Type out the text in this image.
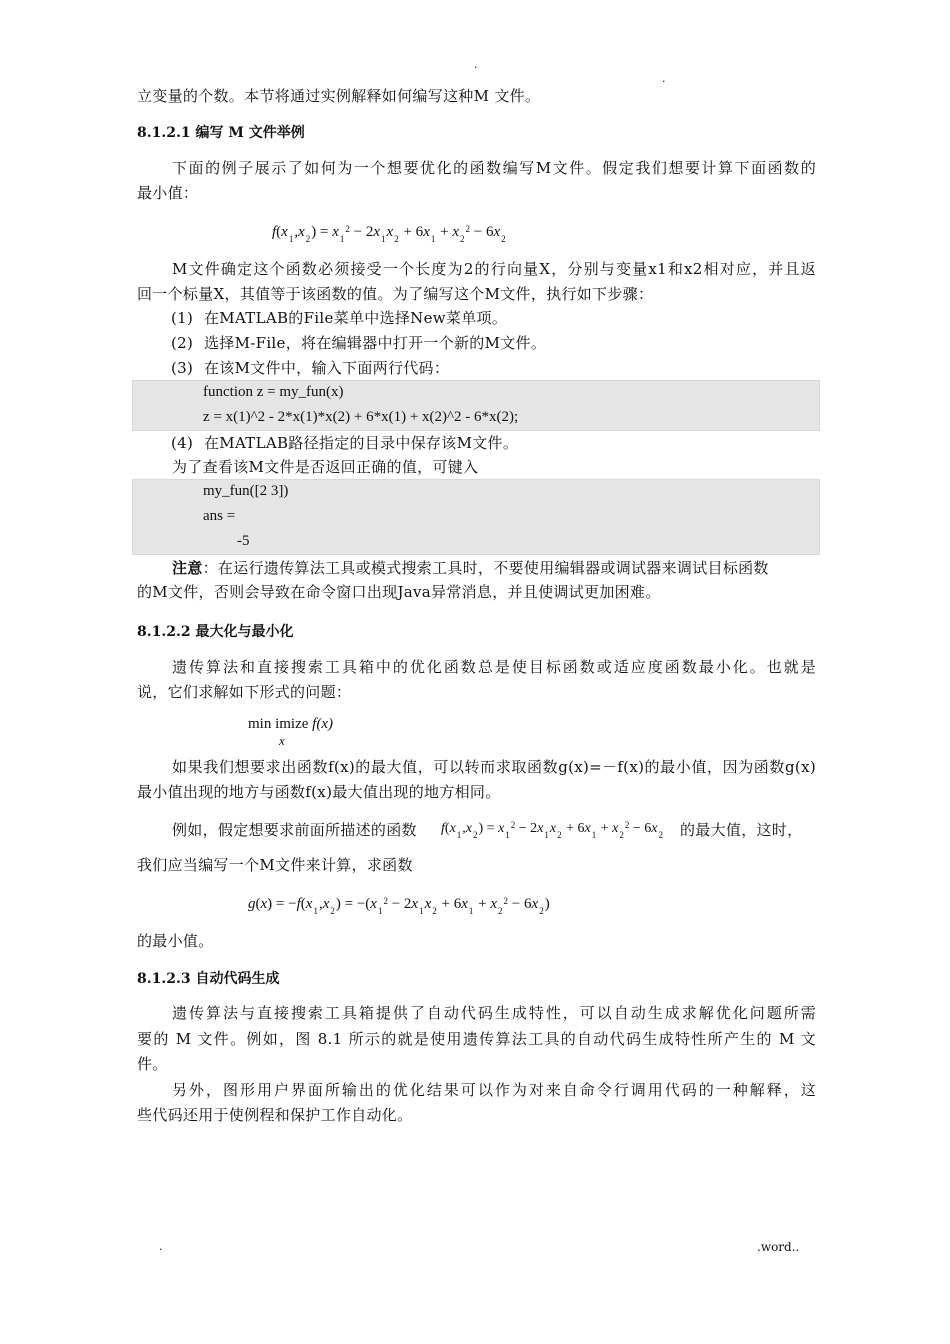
.
.
立变量的个数。本节将通过实例解释如何编写这种M 文件。
8.1.2.1 编写 M 文件举例
下面的例子展示了如何为一个想要优化的函数编写M文件。假定我们想要计算下面函数的
最小值：
$f(x_1,x_2) = x_1^2 - 2x_1x_2 + 6x_1 + x_2^2 - 6x_2$
M文件确定这个函数必须接受一个长度为2的行向量X，分别与变量x1和x2相对应，并且返
回一个标量X，其值等于该函数的值。为了编写这个M文件，执行如下步骤：
(1) 在MATLAB的File菜单中选择New菜单项。
(2) 选择M-File，将在编辑器中打开一个新的M文件。
(3) 在该M文件中，输入下面两行代码：
function z = my_fun(x)
z = x(1)^2 - 2*x(1)*x(2) + 6*x(1) + x(2)^2 - 6*x(2);
(4) 在MATLAB路径指定的目录中保存该M文件。
为了查看该M文件是否返回正确的值，可键入
my_fun([2 3])
ans =
-5
注意：在运行遗传算法工具或模式搜索工具时，不要使用编辑器或调试器来调试目标函数
的M文件，否则会导致在命令窗口出现Java异常消息，并且使调试更加困难。
8.1.2.2 最大化与最小化
遗传算法和直接搜索工具箱中的优化函数总是使目标函数或适应度函数最小化。也就是
说，它们求解如下形式的问题：
min imize f(x)
x
如果我们想要求出函数f(x)的最大值，可以转而求取函数g(x)=－f(x)的最小值，因为函数g(x)
最小值出现的地方与函数f(x)最大值出现的地方相同。
例如，假定想要求前面所描述的函数 $f(x_1,x_2) = x_1^2 - 2x_1x_2 + 6x_1 + x_2^2 - 6x_2$ 的最大值，这时，
我们应当编写一个M文件来计算，求函数
$g(x) = -f(x_1,x_2) = -(x_1^2 - 2x_1x_2 + 6x_1 + x_2^2 - 6x_2)$
的最小值。
8.1.2.3 自动代码生成
遗传算法与直接搜索工具箱提供了自动代码生成特性，可以自动生成求解优化问题所需
要的 M 文件。例如，图 8.1 所示的就是使用遗传算法工具的自动代码生成特性所产生的 M 文
件。
另外，图形用户界面所输出的优化结果可以作为对来自命令行调用代码的一种解释，这
些代码还用于使例程和保护工作自动化。
.	.word..
